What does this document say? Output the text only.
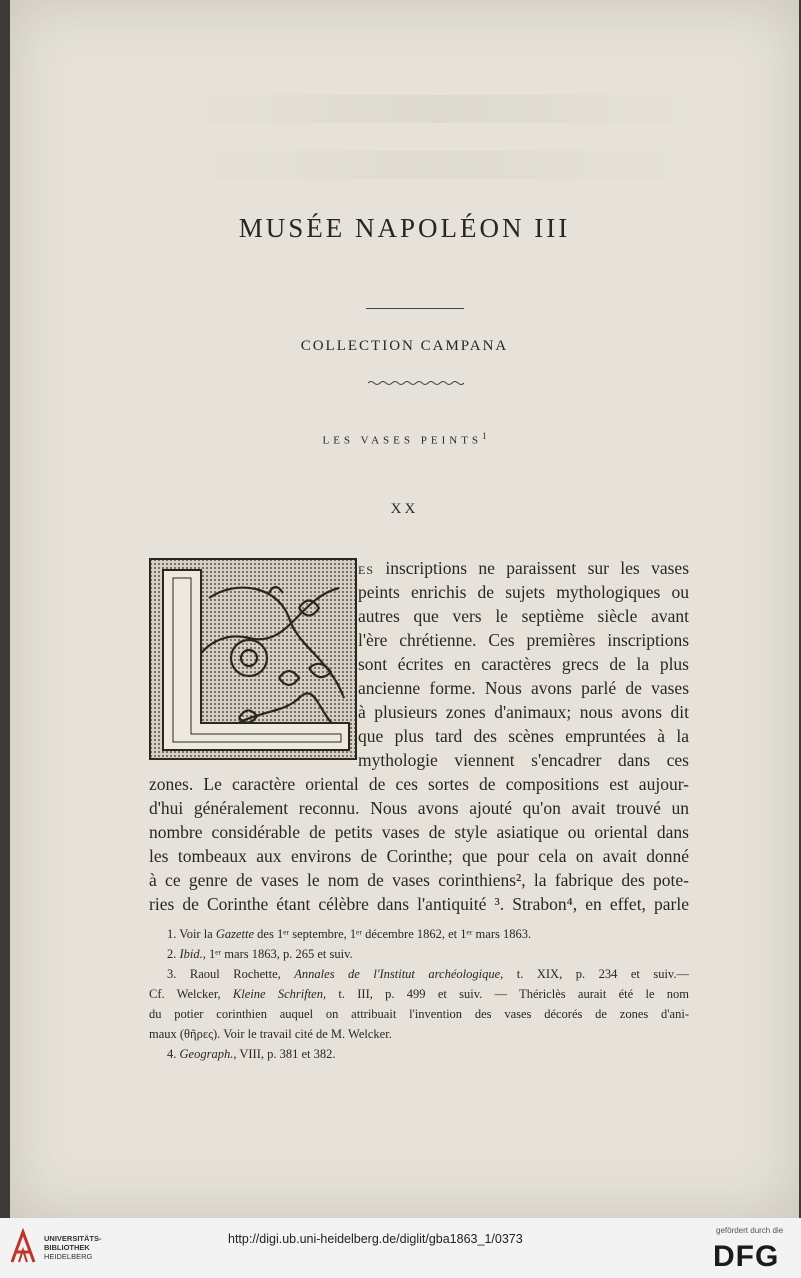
MUSÉE NAPOLÉON III
COLLECTION CAMPANA
LES VASES PEINTS$^1$
XX
ES inscriptions ne paraissent sur les vases
peints enrichis de sujets mythologiques ou
autres que vers le septième siècle avant
l'ère chrétienne. Ces premières inscriptions
sont écrites en caractères grecs de la plus
ancienne forme. Nous avons parlé de vases
à plusieurs zones d'animaux; nous avons dit
que plus tard des scènes empruntées à la
mythologie viennent s'encadrer dans ces
zones. Le caractère oriental de ces sortes de compositions est aujour-
d'hui généralement reconnu. Nous avons ajouté qu'on avait trouvé un
nombre considérable de petits vases de style asiatique ou oriental dans
les tombeaux aux environs de Corinthe; que pour cela on avait donné
à ce genre de vases le nom de vases corinthiens², la fabrique des pote-
ries de Corinthe étant célèbre dans l'antiquité ³. Strabon⁴, en effet, parle
1. Voir la Gazette des 1ᵉʳ septembre, 1ᵉʳ décembre 1862, et 1ᵉʳ mars 1863.
2. Ibid., 1ᵉʳ mars 1863, p. 265 et suiv.
3. Raoul Rochette, Annales de l'Institut archéologique, t. XIX, p. 234 et suiv.—
Cf. Welcker, Kleine Schriften, t. III, p. 499 et suiv. — Thériclès aurait été le nom
du potier corinthien auquel on attribuait l'invention des vases décorés de zones d'ani-
maux (θῆρες). Voir le travail cité de M. Welcker.
4. Geograph., VIII, p. 381 et 382.
UNIVERSITÄTS-
BIBLIOTHEK
HEIDELBERG
http://digi.ub.uni-heidelberg.de/diglit/gba1863_1/0373
gefördert durch die
DFG
